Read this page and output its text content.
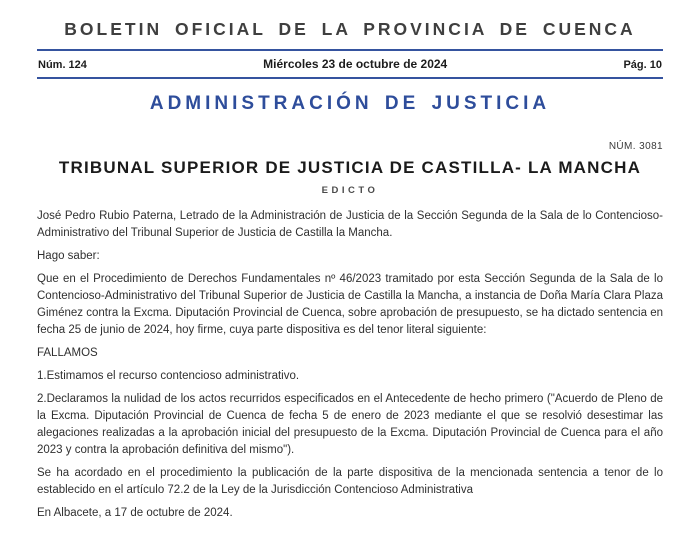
BOLETIN OFICIAL DE LA PROVINCIA DE CUENCA
Núm. 124	Miércoles 23 de octubre de 2024	Pág. 10
ADMINISTRACIÓN DE JUSTICIA
NÚM. 3081
TRIBUNAL SUPERIOR DE JUSTICIA DE CASTILLA- LA MANCHA
EDICTO

José Pedro Rubio Paterna, Letrado de la Administración de Justicia de la Sección Segunda de la Sala de lo Contencioso-Administrativo del Tribunal Superior de Justicia de Castilla la Mancha.

Hago saber:

Que en el Procedimiento de Derechos Fundamentales nº 46/2023 tramitado por esta Sección Segunda de la Sala de lo Contencioso-Administrativo del Tribunal Superior de Justicia de Castilla la Mancha, a instancia de Doña María Clara Plaza Giménez contra la Excma. Diputación Provincial de Cuenca, sobre aprobación de presupuesto, se ha dictado sentencia en fecha 25 de junio de 2024, hoy firme, cuya parte dispositiva es del tenor literal siguiente:

FALLAMOS

1.Estimamos el recurso contencioso administrativo.

2.Declaramos la nulidad de los actos recurridos especificados en el Antecedente de hecho primero ("Acuerdo de Pleno de la Excma. Diputación Provincial de Cuenca de fecha 5 de enero de 2023 mediante el que se resolvió desestimar las alegaciones realizadas a la aprobación inicial del presupuesto de la Excma. Diputación Provincial de Cuenca para el año 2023 y contra la aprobación definitiva del mismo").

Se ha acordado en el procedimiento la publicación de la parte dispositiva de la mencionada sentencia a tenor de lo establecido en el artículo 72.2 de la Ley de la Jurisdicción Contencioso Administrativa

En Albacete, a 17 de octubre de 2024.
